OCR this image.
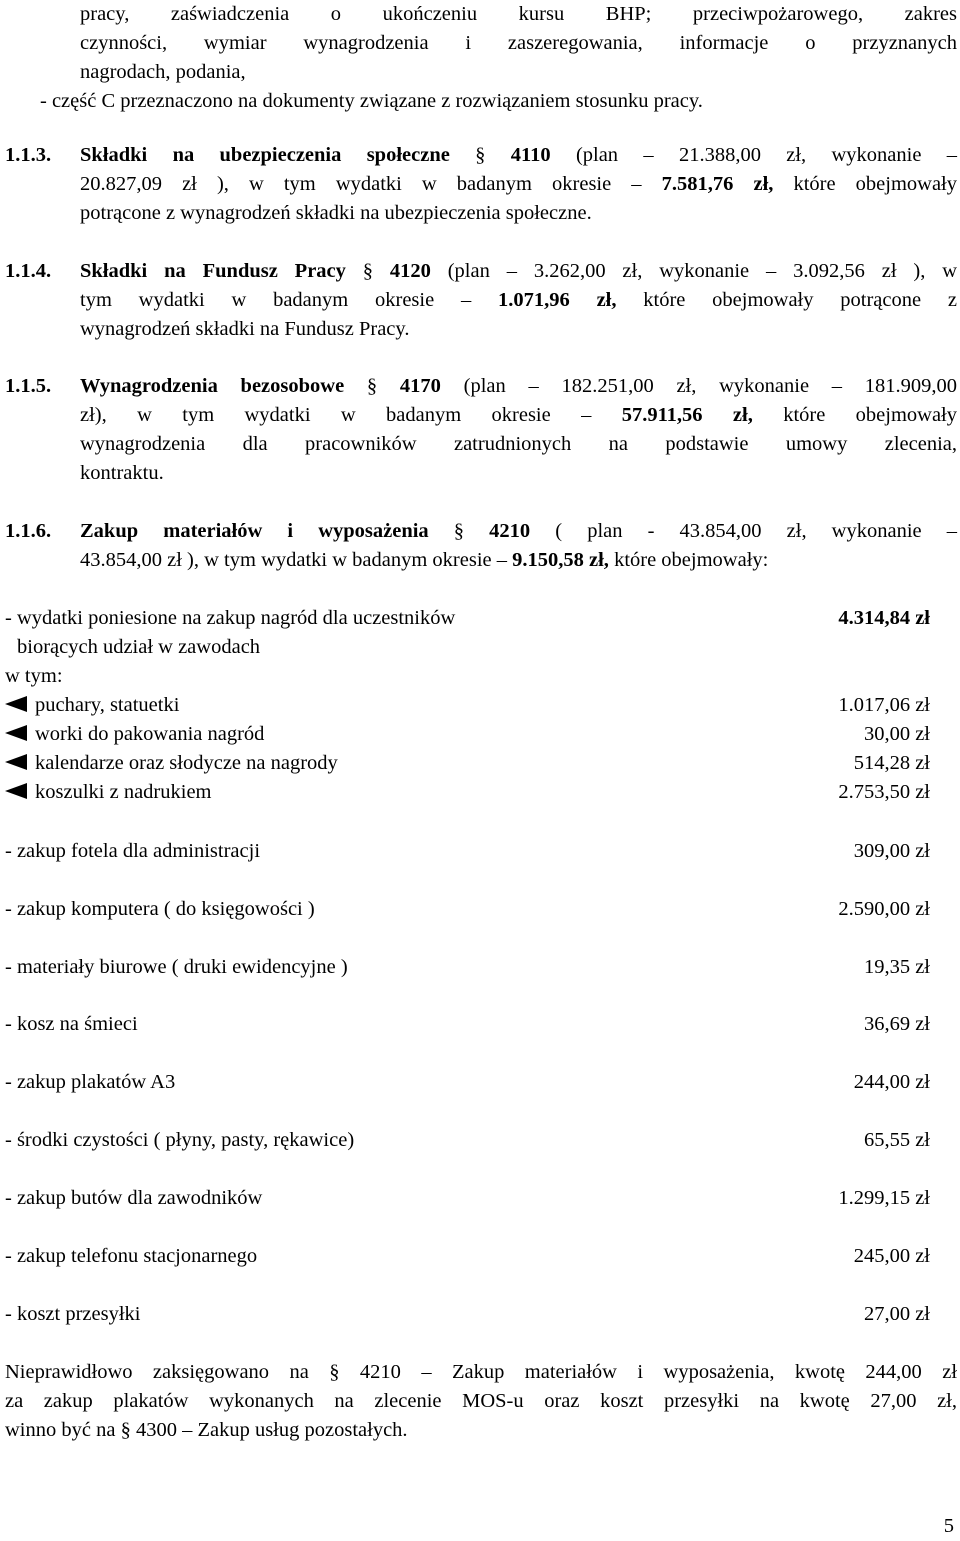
pracy, zaświadczenia o ukończeniu kursu BHP; przeciwpożarowego, zakres
czynności, wymiar wynagrodzenia i zaszeregowania, informacje o przyznanych
nagrodach, podania,
- część C przeznaczono na dokumenty związane z rozwiązaniem stosunku pracy.
1.1.3. Składki na ubezpieczenia społeczne § 4110 (plan – 21.388,00 zł, wykonanie –
20.827,09 zł ), w tym wydatki w badanym okresie – 7.581,76 zł, które obejmowały
potrącone z wynagrodzeń składki na ubezpieczenia społeczne.
1.1.4. Składki na Fundusz Pracy § 4120 (plan – 3.262,00 zł, wykonanie – 3.092,56 zł ), w
tym wydatki w badanym okresie – 1.071,96 zł, które obejmowały potrącone z
wynagrodzeń składki na Fundusz Pracy.
1.1.5. Wynagrodzenia bezosobowe § 4170 (plan – 182.251,00 zł, wykonanie – 181.909,00
zł), w tym wydatki w badanym okresie – 57.911,56 zł, które obejmowały
wynagrodzenia dla pracowników zatrudnionych na podstawie umowy zlecenia,
kontraktu.
1.1.6. Zakup materiałów i wyposażenia § 4210 ( plan - 43.854,00 zł, wykonanie –
43.854,00 zł ), w tym wydatki w badanym okresie – 9.150,58 zł, które obejmowały:
- wydatki poniesione na zakup nagród dla uczestników	4.314,84 zł
biorących udział w zawodach
w tym:
puchary, statuetki	1.017,06 zł
worki do pakowania nagród	30,00 zł
kalendarze oraz słodycze na nagrody	514,28 zł
koszulki z nadrukiem	2.753,50 zł
- zakup fotela dla administracji	309,00 zł
- zakup komputera ( do księgowości )	2.590,00 zł
- materiały biurowe ( druki ewidencyjne )	19,35 zł
- kosz na śmieci	36,69 zł
- zakup plakatów A3	244,00 zł
- środki czystości ( płyny, pasty, rękawice)	65,55 zł
- zakup butów dla zawodników	1.299,15 zł
- zakup telefonu stacjonarnego	245,00 zł
- koszt przesyłki	27,00 zł
Nieprawidłowo zaksięgowano na § 4210 – Zakup materiałów i wyposażenia, kwotę 244,00 zł
za zakup plakatów wykonanych na zlecenie MOS-u oraz koszt przesyłki na kwotę 27,00 zł,
winno być na § 4300 – Zakup usług pozostałych.
5
